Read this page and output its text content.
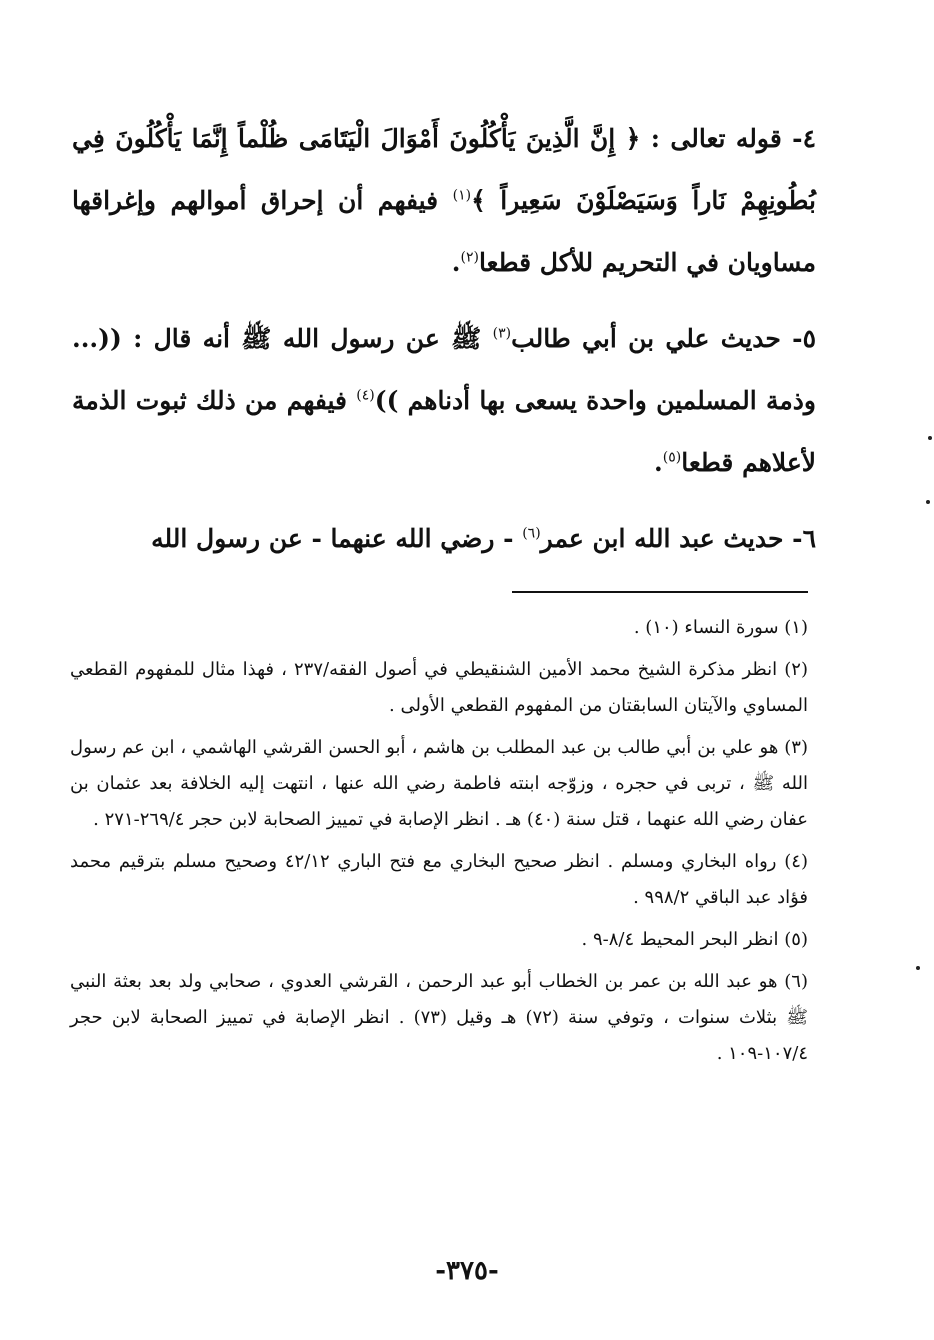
٤- قوله تعالى : ﴿ إِنَّ الَّذِينَ يَأْكُلُونَ أَمْوَالَ الْيَتَامَى ظُلْماً إِنَّمَا يَأْكُلُونَ فِي بُطُونِهِمْ نَاراً وَسَيَصْلَوْنَ سَعِيراً ﴾$^{(١)}$ فيفهم أن إحراق أموالهم وإغراقها مساويان في التحريم للأكل قطعا$^{(٢)}$.

٥- حديث علي بن أبي طالب$^{(٣)}$ ﷺ عن رسول الله ﷺ أنه قال : ((... وذمة المسلمين واحدة يسعى بها أدناهم ))$^{(٤)}$ فيفهم من ذلك ثبوت الذمة لأعلاهم قطعا$^{(٥)}$.

٦- حديث عبد الله ابن عمر$^{(٦)}$ - رضي الله عنهما - عن رسول الله

(١) سورة النساء (١٠) .
(٢) انظر مذكرة الشيخ محمد الأمين الشنقيطي في أصول الفقه/٢٣٧ ، فهذا مثال للمفهوم القطعي المساوي والآيتان السابقتان من المفهوم القطعي الأولى .
(٣) هو علي بن أبي طالب بن عبد المطلب بن هاشم ، أبو الحسن القرشي الهاشمي ، ابن عم رسول الله ﷺ ، تربى في حجره ، وزوّجه ابنته فاطمة رضي الله عنها ، انتهت إليه الخلافة بعد عثمان بن عفان رضي الله عنهما ، قتل سنة (٤٠) هـ . انظر الإصابة في تمييز الصحابة لابن حجر ٢٦٩/٤-٢٧١ .
(٤) رواه البخاري ومسلم . انظر صحيح البخاري مع فتح الباري ٤٢/١٢ وصحيح مسلم بترقيم محمد فؤاد عبد الباقي ٩٩٨/٢ .
(٥) انظر البحر المحيط ٨/٤-٩ .
(٦) هو عبد الله بن عمر بن الخطاب أبو عبد الرحمن ، القرشي العدوي ، صحابي ولد بعد بعثة النبي ﷺ بثلاث سنوات ، وتوفي سنة (٧٢) هـ وقيل (٧٣) . انظر الإصابة في تمييز الصحابة لابن حجر ١٠٧/٤-١٠٩ .
-٣٧٥-
